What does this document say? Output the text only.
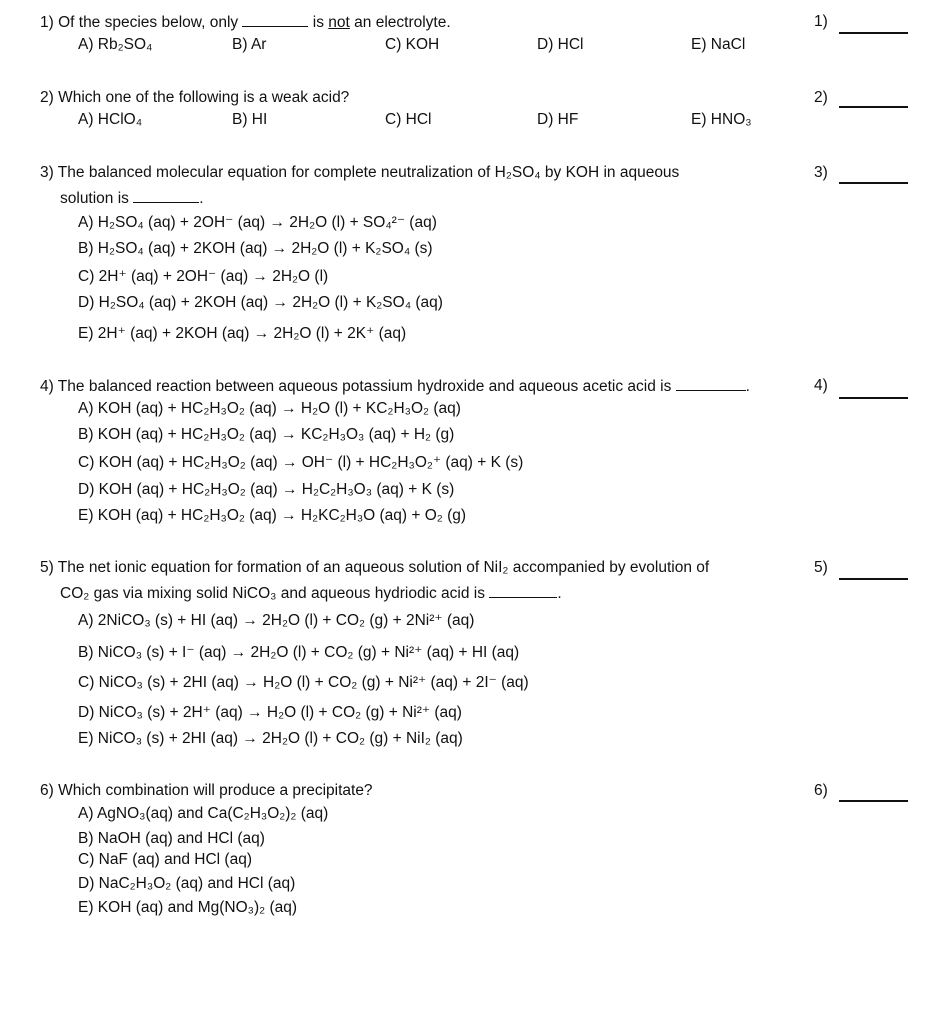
1) Of the species below, only	is not an electrolyte.	1)
A) Rb₂SO₄	B) Ar	C) KOH	D) HCl	E) NaCl
2) Which one of the following is a weak acid?	2)
A) HClO₄	B) HI	C) HCl	D) HF	E) HNO₃
3) The balanced molecular equation for complete neutralization of H₂SO₄ by KOH in aqueous	3)
solution is	.
A) H₂SO₄ (aq) + 2OH⁻ (aq) → 2H₂O (l) + SO₄²⁻ (aq)
B) H₂SO₄ (aq) + 2KOH (aq) → 2H₂O (l) + K₂SO₄ (s)
C) 2H⁺ (aq) + 2OH⁻ (aq) → 2H₂O (l)
D) H₂SO₄ (aq) + 2KOH (aq) → 2H₂O (l) + K₂SO₄ (aq)
E) 2H⁺ (aq) + 2KOH (aq) → 2H₂O (l) + 2K⁺ (aq)
4) The balanced reaction between aqueous potassium hydroxide and aqueous acetic acid is	.	4)
A) KOH (aq) + HC₂H₃O₂ (aq) → H₂O (l) + KC₂H₃O₂ (aq)
B) KOH (aq) + HC₂H₃O₂ (aq) → KC₂H₃O₃ (aq) + H₂ (g)
C) KOH (aq) + HC₂H₃O₂ (aq) → OH⁻ (l) + HC₂H₃O₂⁺ (aq) + K (s)
D) KOH (aq) + HC₂H₃O₂ (aq) → H₂C₂H₃O₃ (aq) + K (s)
E) KOH (aq) + HC₂H₃O₂ (aq) → H₂KC₂H₃O (aq) + O₂ (g)
5) The net ionic equation for formation of an aqueous solution of NiI₂ accompanied by evolution of	5)
CO₂ gas via mixing solid NiCO₃ and aqueous hydriodic acid is	.
A) 2NiCO₃ (s) + HI (aq) → 2H₂O (l) + CO₂ (g) + 2Ni²⁺ (aq)
B) NiCO₃ (s) + I⁻ (aq) → 2H₂O (l) + CO₂ (g) + Ni²⁺ (aq) + HI (aq)
C) NiCO₃ (s) + 2HI (aq) → H₂O (l) + CO₂ (g) + Ni²⁺ (aq) + 2I⁻ (aq)
D) NiCO₃ (s) + 2H⁺ (aq) → H₂O (l) + CO₂ (g) + Ni²⁺ (aq)
E) NiCO₃ (s) + 2HI (aq) → 2H₂O (l) + CO₂ (g) + NiI₂ (aq)
6) Which combination will produce a precipitate?	6)
A) AgNO₃(aq) and Ca(C₂H₃O₂)₂ (aq)
B) NaOH (aq) and HCl (aq)
C) NaF (aq) and HCl (aq)
D) NaC₂H₃O₂ (aq) and HCl (aq)
E) KOH (aq) and Mg(NO₃)₂ (aq)
